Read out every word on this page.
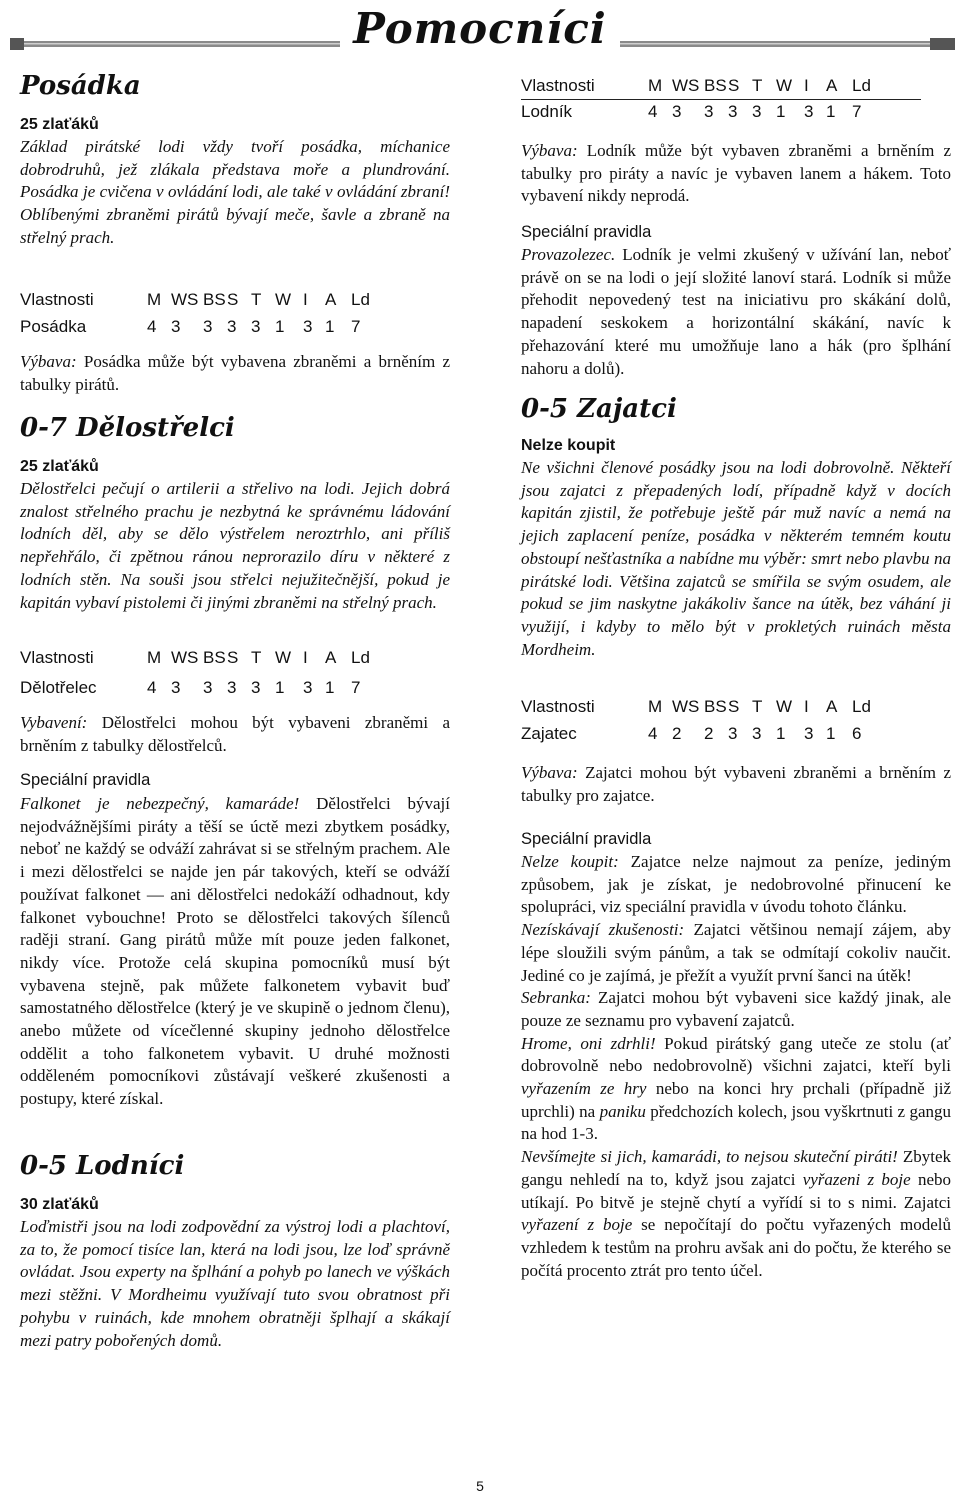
Pomocníci
Posádka
25 zlaťáků

Základ pirátské lodi vždy tvoří posádka, míchanice dobrodruhů, jež zlákala představa moře a plundrování. Posádka je cvičena v ovládání lodi, ale také v ovládání zbraní! Oblíbenými zbraněmi pirátů bývají meče, šavle a zbraně na střelný prach.

Vlastnosti	M WS BSS T W I A Ld
Posádka	4 3 3 3 3 1 3 1 7

Výbava: Posádka může být vybavena zbraněmi a brněním z tabulky pirátů.

0-7 Dělostřelci
25 zlaťáků

Dělostřelci pečují o artilerii a střelivo na lodi. Jejich dobrá znalost střelného prachu je nezbytná ke správnému ládování lodních děl, aby se dělo výstřelem neroztrhlo, ani příliš nepřehřálo, či zpětnou ránou neprorazilo díru v některé z lodních stěn. Na souši jsou střelci nejužitečnější, pokud je kapitán vybaví pistolemi či jinými zbraněmi na střelný prach.

Vlastnosti	M WS BSS T W I A Ld
Dělotřelec	4 3 3 3 3 1 3 1 7

Vybavení: Dělostřelci mohou být vybaveni zbraněmi a brněním z tabulky dělostřelců.

Speciální pravidla

Falkonet je nebezpečný, kamaráde! Dělostřelci bývají nejodvážnějšími piráty a těší se úctě mezi zbytkem posádky, neboť ne každý se odváží zahrávat si se střelným prachem. Ale i mezi dělostřelci se najde jen pár takových, kteří se odváží používat falkonet — ani dělostřelci nedokáží odhadnout, kdy falkonet vybouchne! Proto se dělostřelci takových šílenců raději straní. Gang pirátů může mít pouze jeden falkonet, nikdy více. Protože celá skupina pomocníků musí být vybavena stejně, pak můžete falkonetem vybavit buď samostatného dělostřelce (který je ve skupině o jednom členu), anebo můžete od vícečlenné skupiny jednoho dělostřelce oddělit a toho falkonetem vybavit. U druhé možnosti odděleném pomocníkovi zůstávají veškeré zkušenosti a postupy, které získal.

0-5 Lodníci
30 zlaťáků

Loďmistři jsou na lodi zodpovědní za výstroj lodi a plachtoví, za to, že pomocí tisíce lan, která na lodi jsou, lze loď správně ovládat. Jsou experty na šplhání a pohyb po lanech ve výškách mezi stěžni. V Mordheimu využívají tuto svou obratnost při pohybu v ruinách, kde mnohem obratněji šplhají a skákají mezi patry pobořených domů.

Vlastnosti	M WS BSS T W I A Ld
Lodník	4 3 3 3 3 1 3 1 7

Výbava: Lodník může být vybaven zbraněmi a brněním z tabulky pro piráty a navíc je vybaven lanem a hákem. Toto vybavení nikdy neprodá.

Speciální pravidla

Provazolezec. Lodník je velmi zkušený v užívání lan, neboť právě on se na lodi o její složité lanoví stará. Lodník si může přehodit nepovedený test na iniciativu pro skákání dolů, napadení seskokem a horizontální skákání, navíc k přehazování které mu umožňuje lano a hák (pro šplhání nahoru a dolů).

0-5 Zajatci
Nelze koupit

Ne všichni členové posádky jsou na lodi dobrovolně. Někteří jsou zajatci z přepadených lodí, případně když v docích kapitán zjistil, že potřebuje ještě pár muž navíc a nemá na jejich zaplacení peníze, posádka v některém temném koutu obstoupí nešťastníka a nabídne mu výběr: smrt nebo plavbu na pirátské lodi. Většina zajatců se smířila se svým osudem, ale pokud se jim naskytne jakákoliv šance na útěk, bez váhání ji využijí, i kdyby to mělo být v prokletých ruinách města Mordheim.

Vlastnosti	M WS BSS T W I A Ld
Zajatec	4 2 2 3 3 1 3 1 6

Výbava: Zajatci mohou být vybaveni zbraněmi a brněním z tabulky pro zajatce.

Speciální pravidla

Nelze koupit: Zajatce nelze najmout za peníze, jediným způsobem, jak je získat, je nedobrovolné přinucení ke spolupráci, viz speciální pravidla v úvodu tohoto článku.

Nezískávají zkušenosti: Zajatci většinou nemají zájem, aby lépe sloužili svým pánům, a tak se odmítají cokoliv naučit. Jediné co je zajímá, je přežít a využít první šanci na útěk!

Sebranka: Zajatci mohou být vybaveni sice každý jinak, ale pouze ze seznamu pro vybavení zajatců.

Hrome, oni zdrhli! Pokud pirátský gang uteče ze stolu (ať dobrovolně nebo nedobrovolně) všichni zajatci, kteří byli vyřazením ze hry nebo na konci hry prchali (případně již uprchli) na paniku předchozích kolech, jsou vyškrtnuti z gangu na hod 1-3.

Nevšímejte si jich, kamarádi, to nejsou skuteční piráti! Zbytek gangu nehledí na to, když jsou zajatci vyřazeni z boje nebo utíkají. Po bitvě je stejně chytí a vyřídí si to s nimi. Zajatci vyřazení z boje se nepočítají do počtu vyřazených modelů vzhledem k testům na prohru avšak ani do počtu, že kterého se počítá procento ztrát pro tento účel.

5
